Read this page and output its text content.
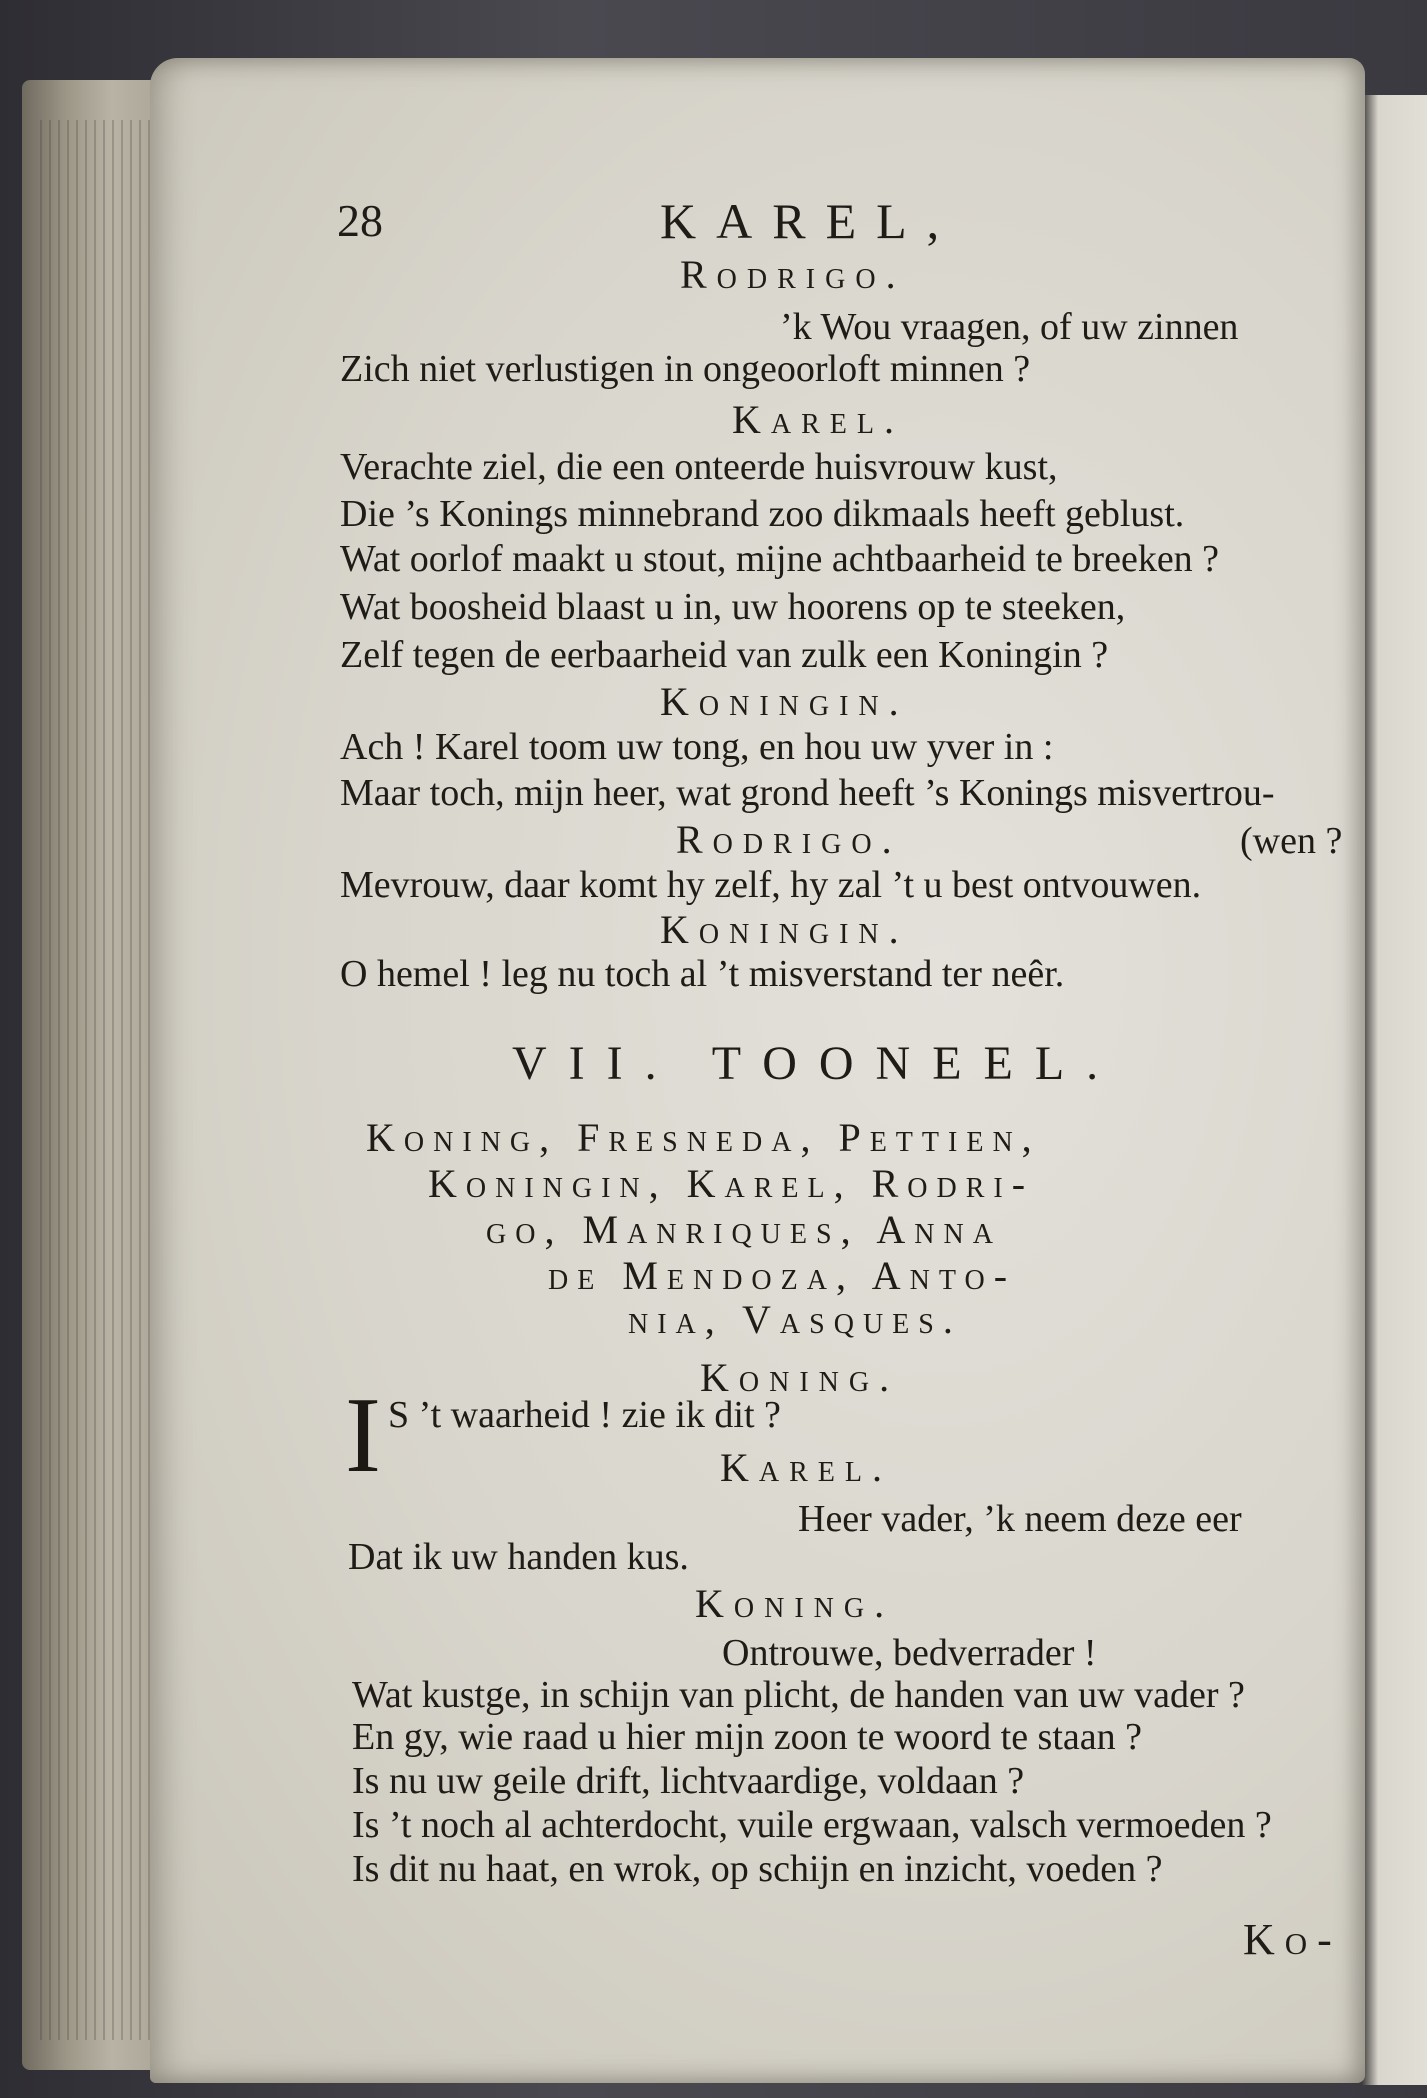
28	KAREL,
Rodrigo.
’k Wou vraagen, of uw zinnen
Zich niet verlustigen in ongeoorloft minnen ?
Karel.
Verachte ziel, die een onteerde huisvrouw kust,
Die ’s Konings minnebrand zoo dikmaals heeft geblust.
Wat oorlof maakt u stout, mijne achtbaarheid te breeken ?
Wat boosheid blaast u in, uw hoorens op te steeken,
Zelf tegen de eerbaarheid van zulk een Koningin ?
Koningin.
Ach ! Karel toom uw tong, en hou uw yver in :
Maar toch, mijn heer, wat grond heeft ’s Konings misvertrou-
Rodrigo.	(wen ?
Mevrouw, daar komt hy zelf, hy zal ’t u best ontvouwen.
Koningin.
O hemel ! leg nu toch al ’t misverstand ter neêr.
VII. TOONEEL.
Koning, Fresneda, Pettien,
Koningin, Karel, Rodri-
go, Manriques, Anna
de Mendoza, Anto-
nia, Vasques.
Koning.
I S ’t waarheid ! zie ik dit ?
Karel.
Heer vader, ’k neem deze eer
Dat ik uw handen kus.
Koning.
Ontrouwe, bedverrader !
Wat kustge, in schijn van plicht, de handen van uw vader ?
En gy, wie raad u hier mijn zoon te woord te staan ?
Is nu uw geile drift, lichtvaardige, voldaan ?
Is ’t noch al achterdocht, vuile ergwaan, valsch vermoeden ?
Is dit nu haat, en wrok, op schijn en inzicht, voeden ?
Ko-
